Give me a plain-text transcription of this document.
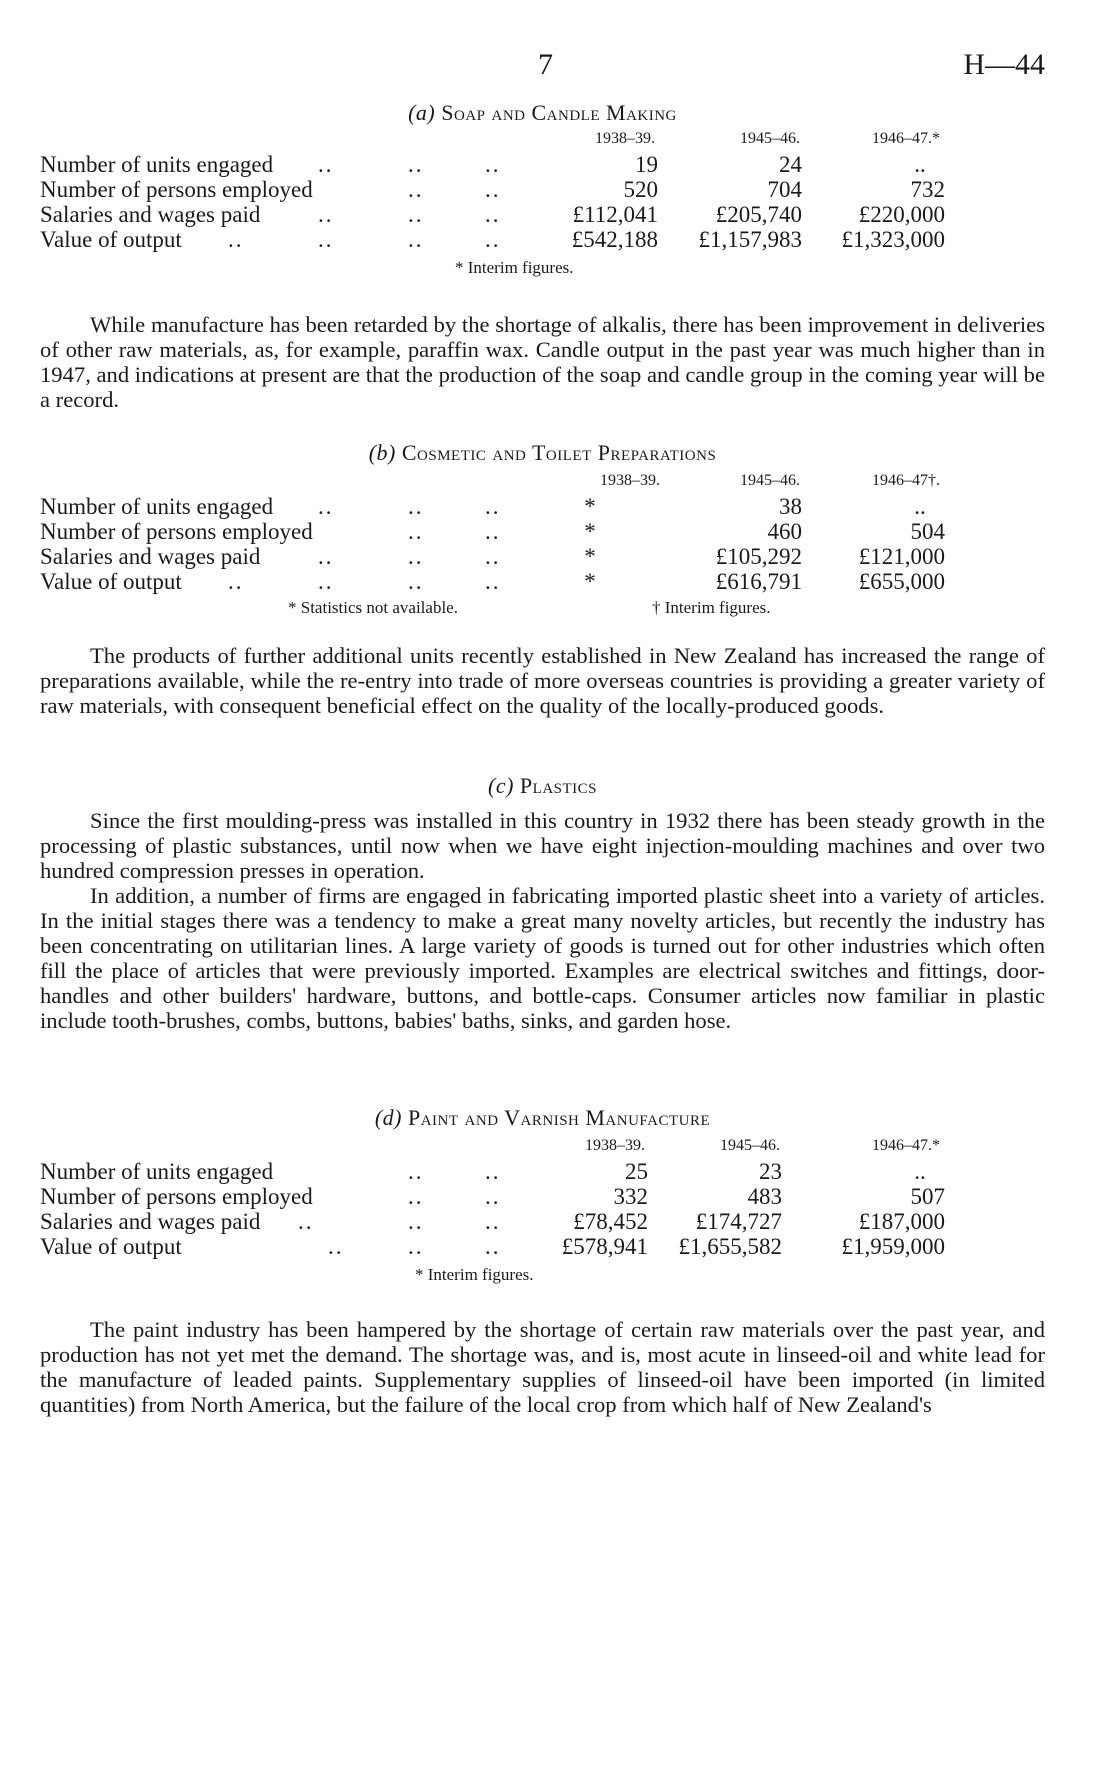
7	H—44
(a) Soap and Candle Making
1938–39.	1945–46.	1946–47.*
Number of units engaged ..	..	..	19	24	..
Number of persons employed	..	..	520	704	732
Salaries and wages paid	..	..	..	£112,041	£205,740	£220,000
Value of output ..	..	..	..	£542,188	£1,157,983	£1,323,000
* Interim figures.
While manufacture has been retarded by the shortage of alkalis, there has been improvement in deliveries of other raw materials, as, for example, paraffin wax. Candle output in the past year was much higher than in 1947, and indications at present are that the production of the soap and candle group in the coming year will be a record.
(b) Cosmetic and Toilet Preparations
1938–39.	1945–46.	1946–47†.
Number of units engaged ..	..	..	*	38	..
Number of persons employed	..	..	*	460	504
Salaries and wages paid	..	..	..	*	£105,292	£121,000
Value of output ..	..	..	..	*	£616,791	£655,000
* Statistics not available.	† Interim figures.
The products of further additional units recently established in New Zealand has increased the range of preparations available, while the re-entry into trade of more overseas countries is providing a greater variety of raw materials, with consequent beneficial effect on the quality of the locally-produced goods.
(c) Plastics
Since the first moulding-press was installed in this country in 1932 there has been steady growth in the processing of plastic substances, until now when we have eight injection-moulding machines and over two hundred compression presses in operation.
In addition, a number of firms are engaged in fabricating imported plastic sheet into a variety of articles. In the initial stages there was a tendency to make a great many novelty articles, but recently the industry has been concentrating on utilitarian lines. A large variety of goods is turned out for other industries which often fill the place of articles that were previously imported. Examples are electrical switches and fittings, door-handles and other builders' hardware, buttons, and bottle-caps. Consumer articles now familiar in plastic include tooth-brushes, combs, buttons, babies' baths, sinks, and garden hose.
(d) Paint and Varnish Manufacture
1938–39.	1945–46.	1946–47.*
Number of units engaged	..	..	25	23	..
Number of persons employed	..	..	332	483	507
Salaries and wages paid ..	..	..	£78,452	£174,727	£187,000
Value of output	..	..	..	£578,941	£1,655,582	£1,959,000
* Interim figures.
The paint industry has been hampered by the shortage of certain raw materials over the past year, and production has not yet met the demand. The shortage was, and is, most acute in linseed-oil and white lead for the manufacture of leaded paints. Supplementary supplies of linseed-oil have been imported (in limited quantities) from North America, but the failure of the local crop from which half of New Zealand's
